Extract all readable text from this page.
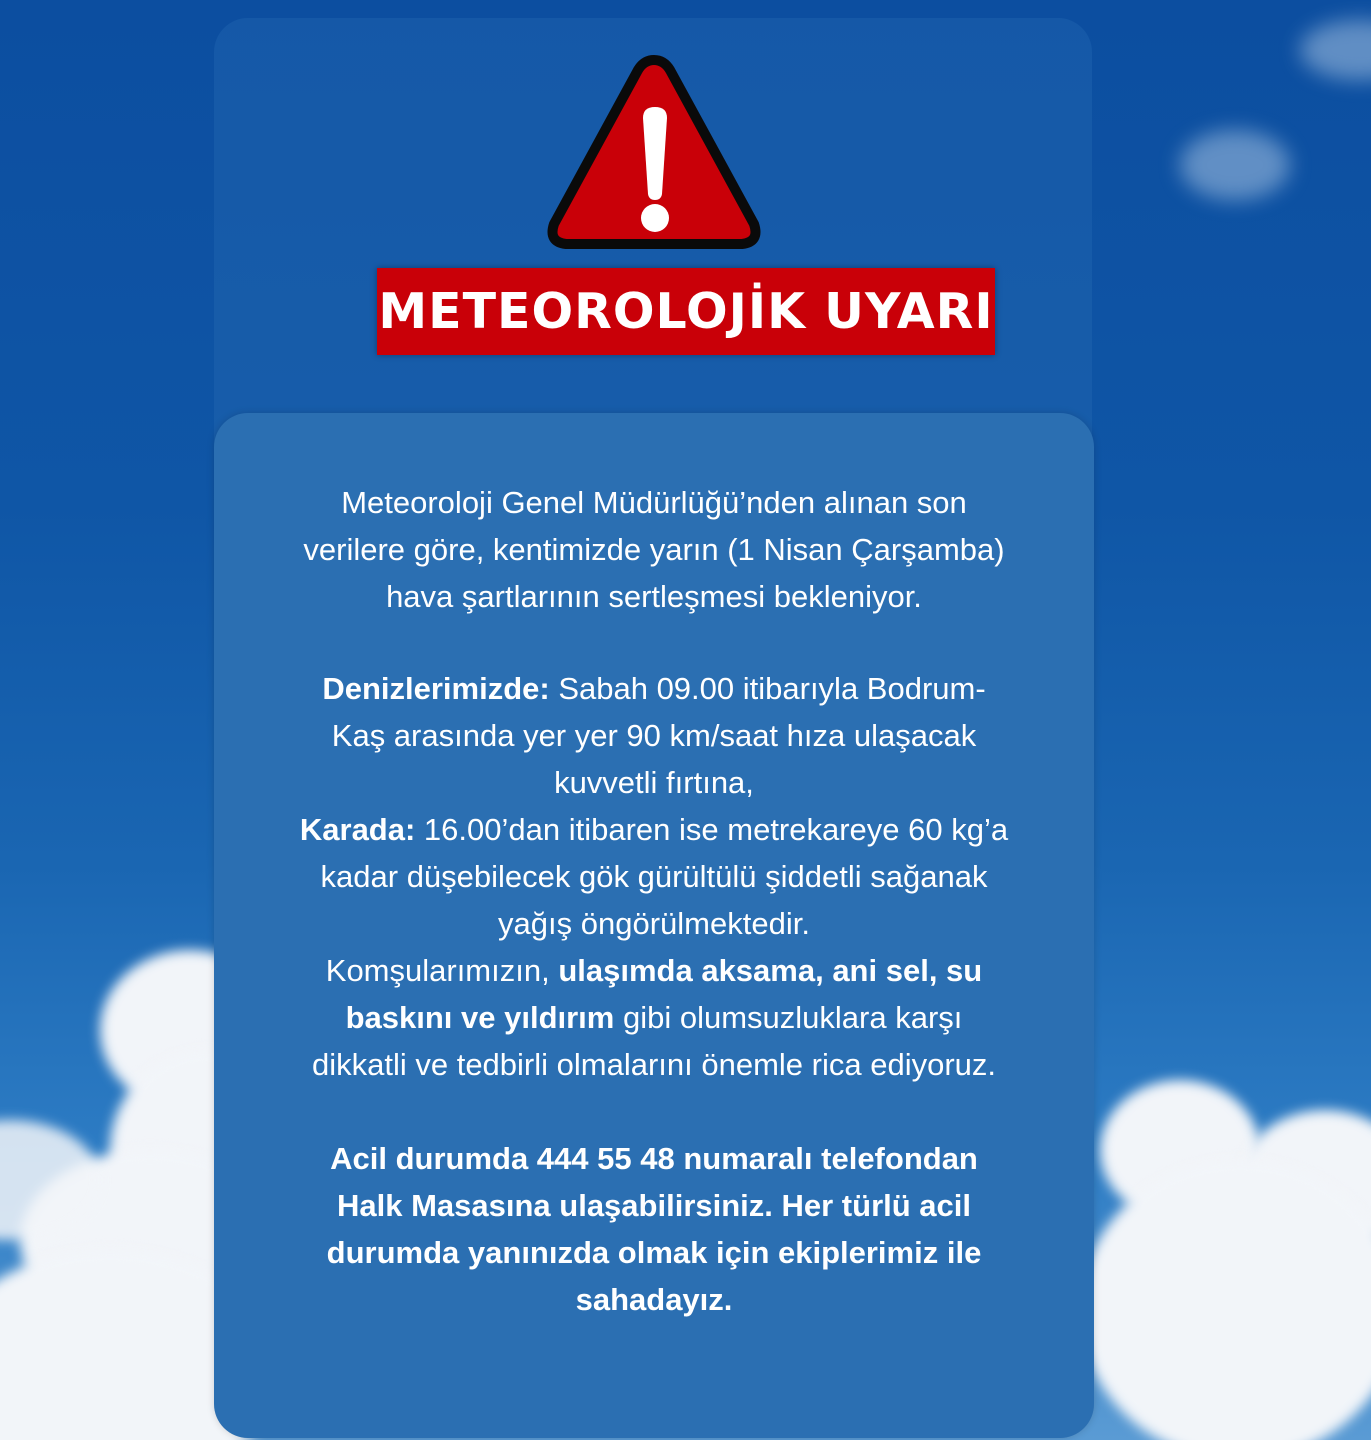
METEOROLOJİK UYARI
Meteoroloji Genel Müdürlüğü’nden alınan son
verilere göre, kentimizde yarın (1 Nisan Çarşamba)
hava şartlarının sertleşmesi bekleniyor.
Denizlerimizde: Sabah 09.00 itibarıyla Bodrum-
Kaş arasında yer yer 90 km/saat hıza ulaşacak
kuvvetli fırtına,
Karada: 16.00’dan itibaren ise metrekareye 60 kg’a
kadar düşebilecek gök gürültülü şiddetli sağanak
yağış öngörülmektedir.
Komşularımızın, ulaşımda aksama, ani sel, su
baskını ve yıldırım gibi olumsuzluklara karşı
dikkatli ve tedbirli olmalarını önemle rica ediyoruz.
Acil durumda 444 55 48 numaralı telefondan
Halk Masasına ulaşabilirsiniz. Her türlü acil
durumda yanınızda olmak için ekiplerimiz ile
sahadayız.
